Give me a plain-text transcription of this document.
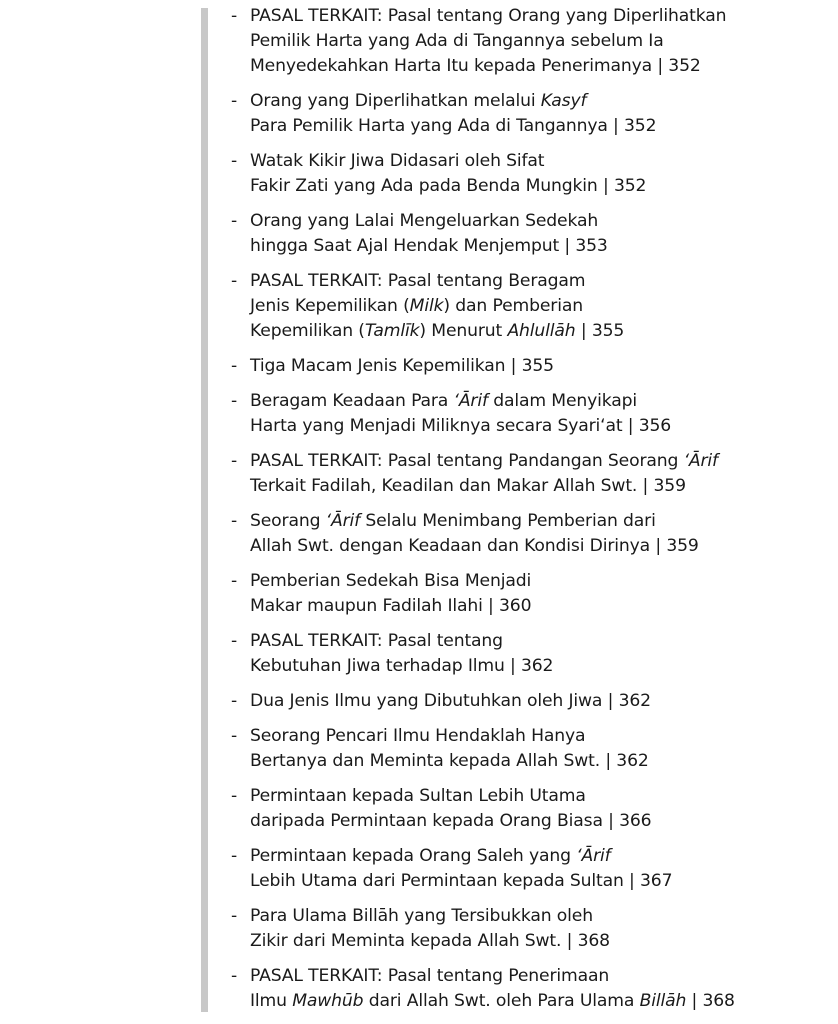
- PASAL TERKAIT: Pasal tentang Orang yang Diperlihatkan
Pemilik Harta yang Ada di Tangannya sebelum Ia
Menyedekahkan Harta Itu kepada Penerimanya | 352
- Orang yang Diperlihatkan melalui Kasyf
Para Pemilik Harta yang Ada di Tangannya | 352
- Watak Kikir Jiwa Didasari oleh Sifat
Fakir Zati yang Ada pada Benda Mungkin | 352
- Orang yang Lalai Mengeluarkan Sedekah
hingga Saat Ajal Hendak Menjemput | 353
- PASAL TERKAIT: Pasal tentang Beragam
Jenis Kepemilikan (Milk) dan Pemberian
Kepemilikan (Tamlīk) Menurut Ahlullāh | 355
- Tiga Macam Jenis Kepemilikan | 355
- Beragam Keadaan Para ʻĀrif dalam Menyikapi
Harta yang Menjadi Miliknya secara Syariʻat | 356
- PASAL TERKAIT: Pasal tentang Pandangan Seorang ʻĀrif
Terkait Fadilah, Keadilan dan Makar Allah Swt. | 359
- Seorang ʻĀrif Selalu Menimbang Pemberian dari
Allah Swt. dengan Keadaan dan Kondisi Dirinya | 359
- Pemberian Sedekah Bisa Menjadi
Makar maupun Fadilah Ilahi | 360
- PASAL TERKAIT: Pasal tentang
Kebutuhan Jiwa terhadap Ilmu | 362
- Dua Jenis Ilmu yang Dibutuhkan oleh Jiwa | 362
- Seorang Pencari Ilmu Hendaklah Hanya
Bertanya dan Meminta kepada Allah Swt. | 362
- Permintaan kepada Sultan Lebih Utama
daripada Permintaan kepada Orang Biasa | 366
- Permintaan kepada Orang Saleh yang ʻĀrif
Lebih Utama dari Permintaan kepada Sultan | 367
- Para Ulama Billāh yang Tersibukkan oleh
Zikir dari Meminta kepada Allah Swt. | 368
- PASAL TERKAIT: Pasal tentang Penerimaan
Ilmu Mawhūb dari Allah Swt. oleh Para Ulama Billāh | 368
